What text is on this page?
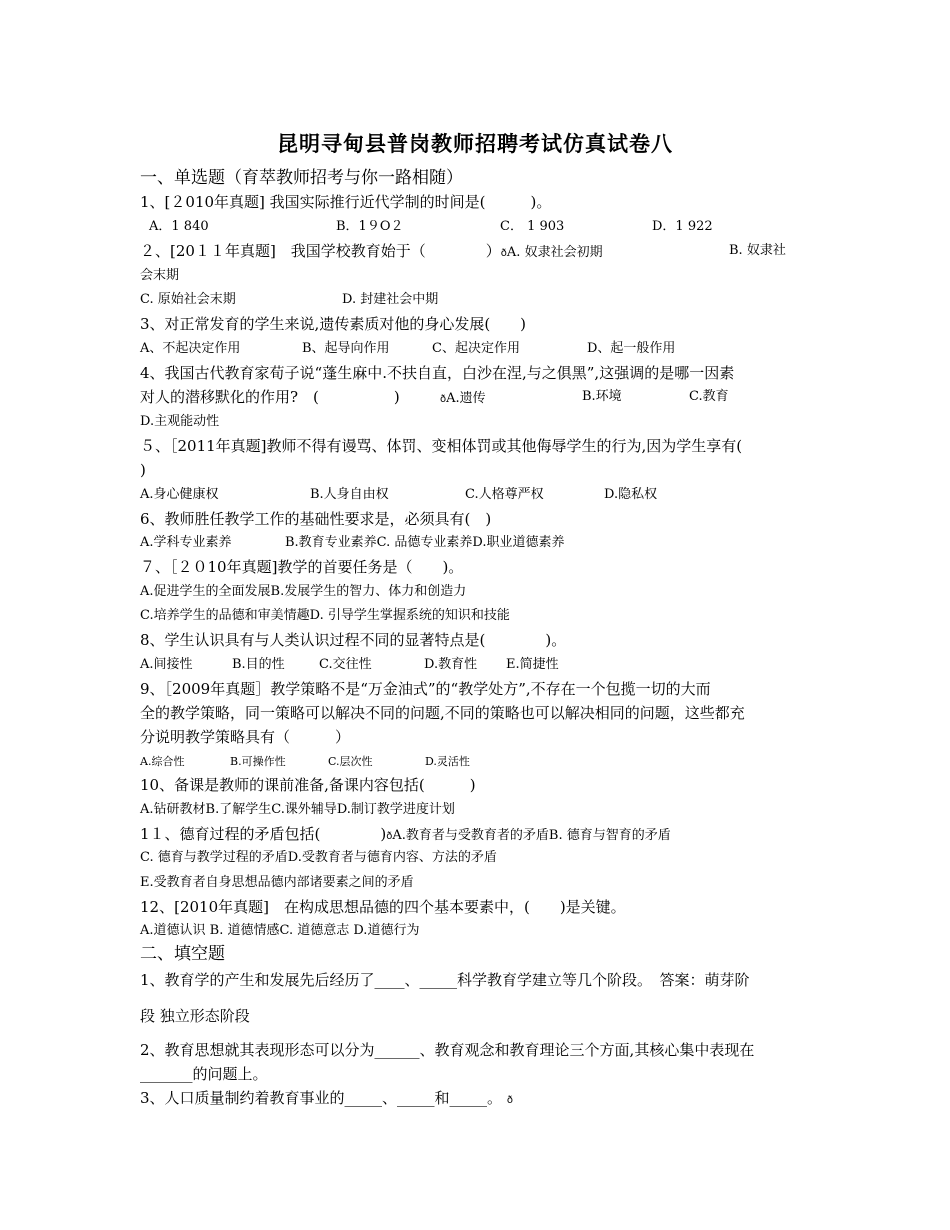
昆明寻甸县普岗教师招聘考试仿真试卷八
一、单选题（育萃教师招考与你一路相随）
1、[２010年真题] 我国实际推行近代学制的时间是(　　　)。
A．1 840	B．1９O２	C． 1 903	D．1 922
２、[20１１年真题]　我国学校教育始于（　　　　）ðA. 奴隶社会初期	B. 奴隶社
会末期
C. 原始社会末期	D. 封建社会中期
3、对正常发育的学生来说,遗传素质对他的身心发展(　　)
A、不起决定作用	B、起导向作用	C、起决定作用	D、起一般作用
4、我国古代教育家荀子说“蓬生麻中.不扶自直，白沙在涅,与之俱黑”,这强调的是哪一因素
对人的潜移默化的作用?　(　　　　　)	ðA.遗传	B.环境	C.教育
D.主观能动性
５、［2011年真题]教师不得有谩骂、体罚、变相体罚或其他侮辱学生的行为,因为学生享有(
)
A.身心健康权	B.人身自由权	C.人格尊严权	D.隐私权
6、教师胜任教学工作的基础性要求是，必须具有(　)
A.学科专业素养	B.教育专业素养C. 品德专业素养D.职业道德素养
７、［２０10年真题]教学的首要任务是（　　)。
A.促进学生的全面发展B.发展学生的智力、体力和创造力
C.培养学生的品德和审美情趣D. 引导学生掌握系统的知识和技能
8、学生认识具有与人类认识过程不同的显著特点是(　　　　)。
A.间接性	B.目的性	C.交往性	D.教育性 E.简捷性
9、［2009年真题］教学策略不是“万金油式”的“教学处方”,不存在一个包揽一切的大而
全的教学策略，同一策略可以解决不同的问题,不同的策略也可以解决相同的问题，这些都充
分说明教学策略具有（　　　）
A.综合性	B.可操作性	C.层次性	D.灵活性
10、备课是教师的课前准备,备课内容包括(　　　)
A.钻研教材B.了解学生C.课外辅导D.制订教学进度计划
1１、德育过程的矛盾包括(　　　　)ðA.教育者与受教育者的矛盾B. 德育与智育的矛盾
C. 德育与教学过程的矛盾D.受教育者与德育内容、方法的矛盾
E.受教育者自身思想品德内部诸要素之间的矛盾
12、[2010年真题]　在构成思想品德的四个基本要素中，(　　)是关键。
A.道德认识 B. 道德情感C. 道德意志 D.道德行为
二、填空题
1、教育学的产生和发展先后经历了____、_____科学教育学建立等几个阶段。　答案：萌芽阶
段 独立形态阶段
2、教育思想就其表现形态可以分为______、教育观念和教育理论三个方面,其核心集中表现在
_______的问题上。
3、人口质量制约着教育事业的_____、_____和_____。 ð
